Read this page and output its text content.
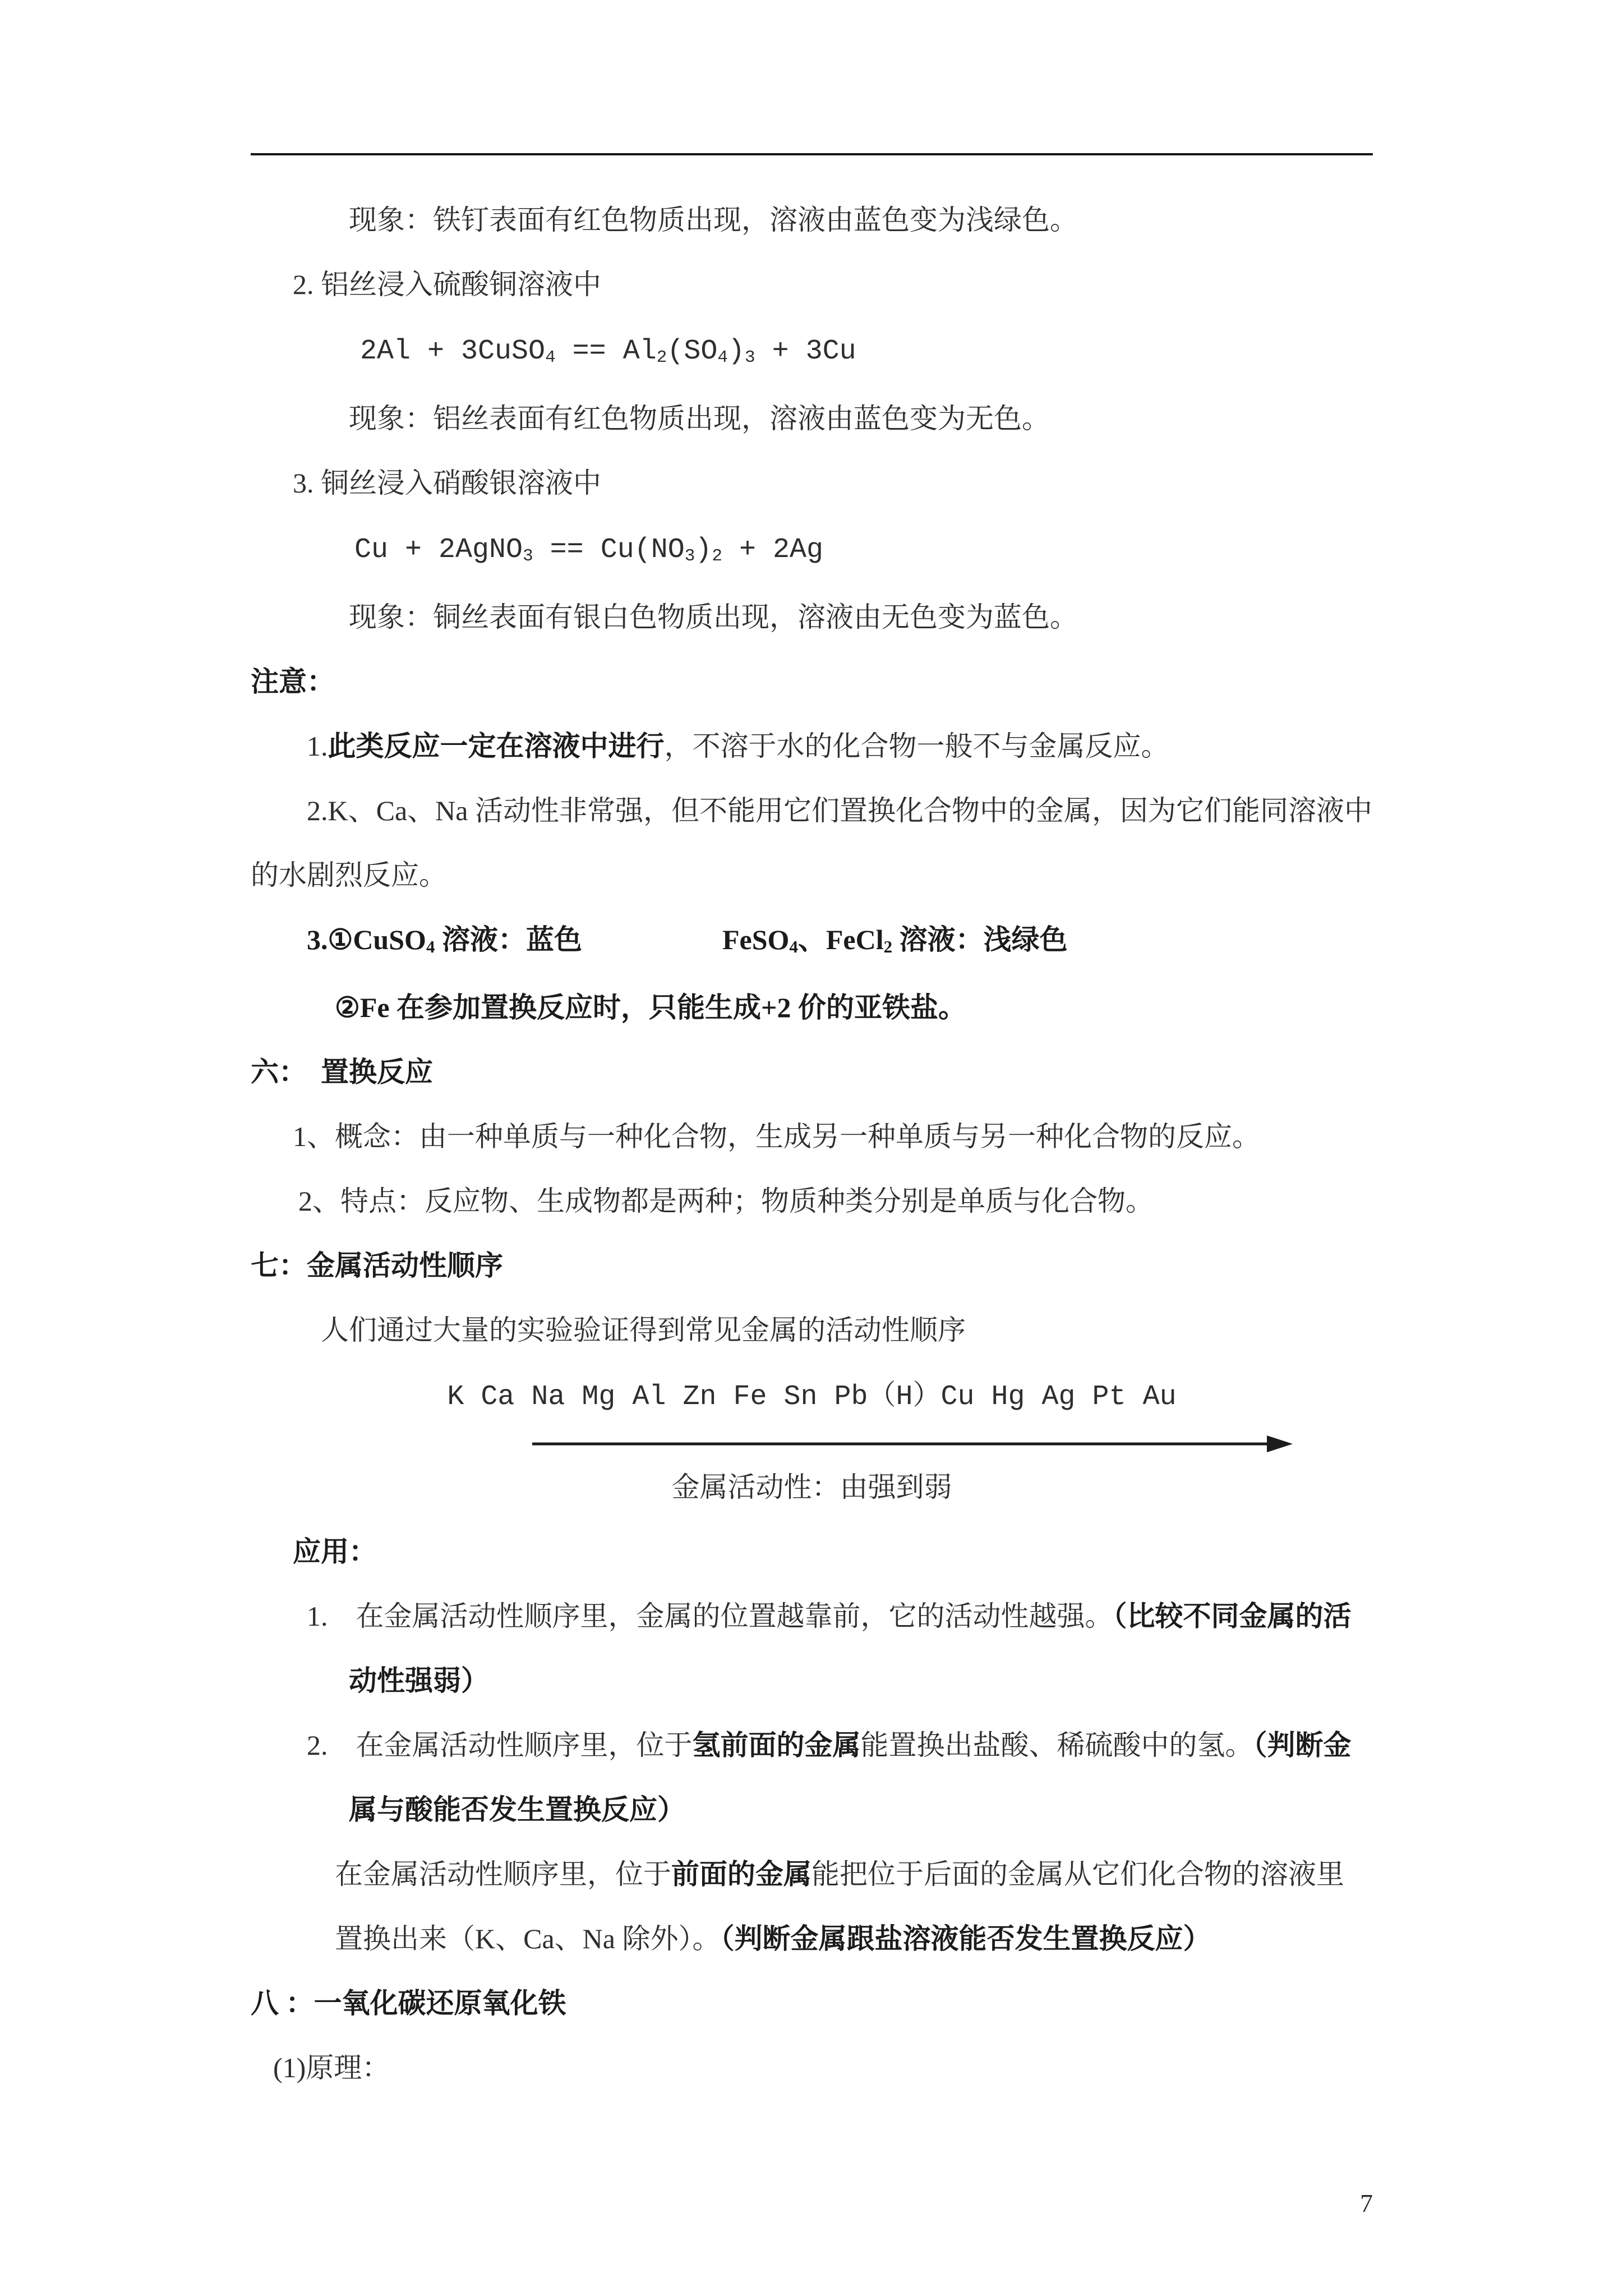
现象：铁钉表面有红色物质出现，溶液由蓝色变为浅绿色。
2. 铝丝浸入硫酸铜溶液中
2Al + 3CuSO4 == Al2(SO4)3 + 3Cu
现象：铝丝表面有红色物质出现，溶液由蓝色变为无色。
3. 铜丝浸入硝酸银溶液中
Cu + 2AgNO3 == Cu(NO3)2 + 2Ag
现象：铜丝表面有银白色物质出现，溶液由无色变为蓝色。
注意：
1.此类反应一定在溶液中进行，不溶于水的化合物一般不与金属反应。
2.K、Ca、Na 活动性非常强，但不能用它们置换化合物中的金属，因为它们能同溶液中
的水剧烈反应。
3.①CuSO4 溶液：蓝色　　　　　	FeSO4、FeCl2 溶液：浅绿色
②Fe 在参加置换反应时，只能生成+2 价的亚铁盐。
六：　置换反应
1、概念：由一种单质与一种化合物，生成另一种单质与另一种化合物的反应。
2、特点：反应物、生成物都是两种；物质种类分别是单质与化合物。
七：金属活动性顺序
人们通过大量的实验验证得到常见金属的活动性顺序
K Ca Na Mg Al Zn Fe Sn Pb（H）Cu Hg Ag Pt Au
金属活动性：由强到弱
应用：
1.　在金属活动性顺序里，金属的位置越靠前，它的活动性越强。（比较不同金属的活
动性强弱）
2.　在金属活动性顺序里，位于氢前面的金属能置换出盐酸、稀硫酸中的氢。（判断金
属与酸能否发生置换反应）
在金属活动性顺序里，位于前面的金属能把位于后面的金属从它们化合物的溶液里
置换出来（K、Ca、Na 除外）。（判断金属跟盐溶液能否发生置换反应）
八 ：一氧化碳还原氧化铁
(1)原理：
7
